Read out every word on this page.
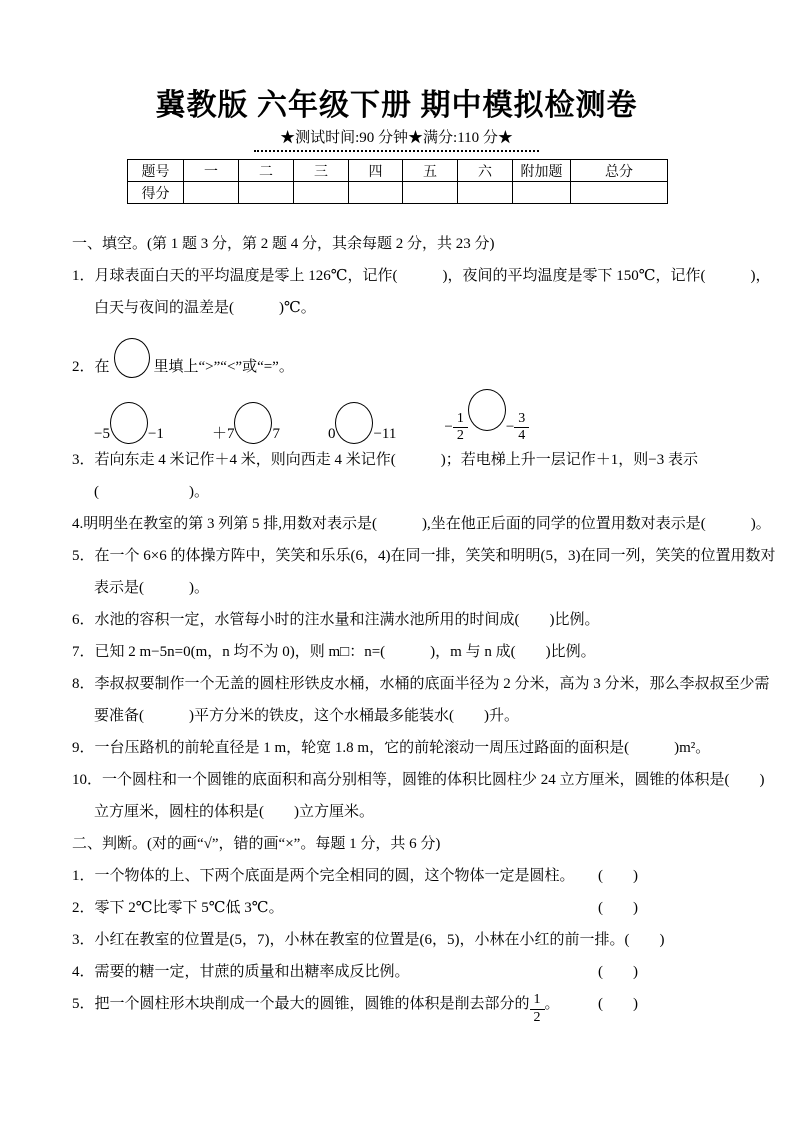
冀教版 六年级下册 期中模拟检测卷
★测试时间:90 分钟★满分:110 分★
题号	一	二	三	四	五	六	附加题	总分
得分								
一、填空。(第 1 题 3 分，第 2 题 4 分，其余每题 2 分，共 23 分)
1．月球表面白天的平均温度是零上 126℃，记作(　　　)，夜间的平均温度是零下 150℃，记作(　　　)，
白天与夜间的温差是(　　　)℃。
2．在	里填上“>”“<”或“=”。
−5	−1	＋7	7	0	−11	− $\frac{1}{2}$	− $\frac{3}{4}$
3．若向东走 4 米记作＋4 米，则向西走 4 米记作(　　　)；若电梯上升一层记作＋1，则−3 表示
(　　　　　　)。
4.明明坐在教室的第 3 列第 5 排,用数对表示是(　　　),坐在他正后面的同学的位置用数对表示是(　　　)。
5．在一个 6×6 的体操方阵中，笑笑和乐乐(6，4)在同一排，笑笑和明明(5，3)在同一列，笑笑的位置用数对
表示是(　　　)。
6．水池的容积一定，水管每小时的注水量和注满水池所用的时间成(　　)比例。
7．已知 2 m−5n=0(m，n 均不为 0)，则 m□：n=(　　　)，m 与 n 成(　　)比例。
8．李叔叔要制作一个无盖的圆柱形铁皮水桶，水桶的底面半径为 2 分米，高为 3 分米，那么李叔叔至少需
要准备(　　　)平方分米的铁皮，这个水桶最多能装水(　　)升。
9．一台压路机的前轮直径是 1 m，轮宽 1.8 m，它的前轮滚动一周压过路面的面积是(　　　)m²。
10．一个圆柱和一个圆锥的底面积和高分别相等，圆锥的体积比圆柱少 24 立方厘米，圆锥的体积是(　　)
立方厘米，圆柱的体积是(　　)立方厘米。
二、判断。(对的画“√”，错的画“×”。每题 1 分，共 6 分)
1．一个物体的上、下两个底面是两个完全相同的圆，这个物体一定是圆柱。 (  )
2．零下 2℃比零下 5℃低 3℃。	(  )
3．小红在教室的位置是(5，7)，小林在教室的位置是(6，5)，小林在小红的前一排。 (  )
4．需要的糖一定，甘蔗的质量和出糖率成反比例。	(  )
5．把一个圆柱形木块削成一个最大的圆锥，圆锥的体积是削去部分的 $\frac{1}{2}$ 。	(  )
